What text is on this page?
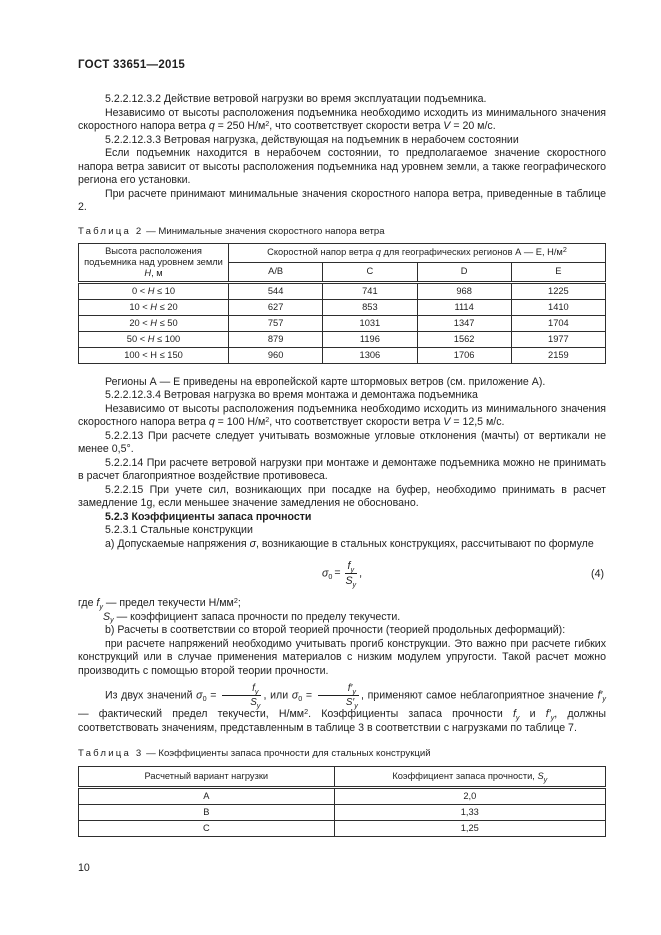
ГОСТ 33651—2015

5.2.2.12.3.2 Действие ветровой нагрузки во время эксплуатации подъемника.

Независимо от высоты расположения подъемника необходимо исходить из минимального значения скоростного напора ветра q = 250 $Н/м^2$, что соответствует скорости ветра V = 20 м/с.

5.2.2.12.3.3 Ветровая нагрузка, действующая на подъемник в нерабочем состоянии

Если подъемник находится в нерабочем состоянии, то предполагаемое значение скоростного напора ветра зависит от высоты расположения подъемника над уровнем земли, а также географического региона его установки.

При расчете принимают минимальные значения скоростного напора ветра, приведенные в таблице 2.

Таблица 2 — Минимальные значения скоростного напора ветра
Высота расположения подъемника над уровнем земли Н, м	Скоростной напор ветра q для географических регионов А — Е, $Н/м^2$
	А/В	С	D	Е
0 < H ≤ 10	544	741	968	1225
10 < H ≤ 20	627	853	1114	1410
20 < H ≤ 50	757	1031	1347	1704
50 < H ≤ 100	879	1196	1562	1977
100 < H ≤ 150	960	1306	1706	2159

Регионы А — Е приведены на европейской карте штормовых ветров (см. приложение А).

5.2.2.12.3.4 Ветровая нагрузка во время монтажа и демонтажа подъемника

Независимо от высоты расположения подъемника необходимо исходить из минимального значения скоростного напора ветра q = 100 $Н/м^2$, что соответствует скорости ветра V = 12,5 м/с.

5.2.2.13 При расчете следует учитывать возможные угловые отклонения (мачты) от вертикали не менее 0,5°.

5.2.2.14 При расчете ветровой нагрузки при монтаже и демонтаже подъемника можно не принимать в расчет благоприятное воздействие противовеса.

5.2.2.15 При учете сил, возникающих при посадке на буфер, необходимо принимать в расчет замедление 1g, если меньшее значение замедления не обосновано.

5.2.3 Коэффициенты запаса прочности

5.2.3.1 Стальные конструкции

a) Допускаемые напряжения σ, возникающие в стальных конструкциях, рассчитывают по формуле

$\sigma_0 = \frac{f_y}{S_y}$ ,	(4)

где $f_y$ — предел текучести $Н/мм^2$;

$S_y$ — коэффициент запаса прочности по пределу текучести.

b) Расчеты в соответствии со второй теорией прочности (теорией продольных деформаций):

при расчете напряжений необходимо учитывать прогиб конструкции. Это важно при расчете гибких конструкций или в случае применения материалов с низким модулем упругости. Такой расчет можно производить с помощью второй теории прочности.

Из двух значений $\sigma_0 = \frac{f_y}{S_y}$ , или $\sigma_0 = \frac{f'_y}{S'_y}$ , применяют самое неблагоприятное значение $f'_y$ — фактический предел текучести, $Н/мм^2$. Коэффициенты запаса прочности $f_y$ и $f'_y$, должны соответствовать значениям, представленным в таблице 3 в соответствии с нагрузками по таблице 7.

Таблица 3 — Коэффициенты запаса прочности для стальных конструкций
Расчетный вариант нагрузки	Коэффициент запаса прочности, $S_y$
A	2,0
B	1,33
C	1,25
10
